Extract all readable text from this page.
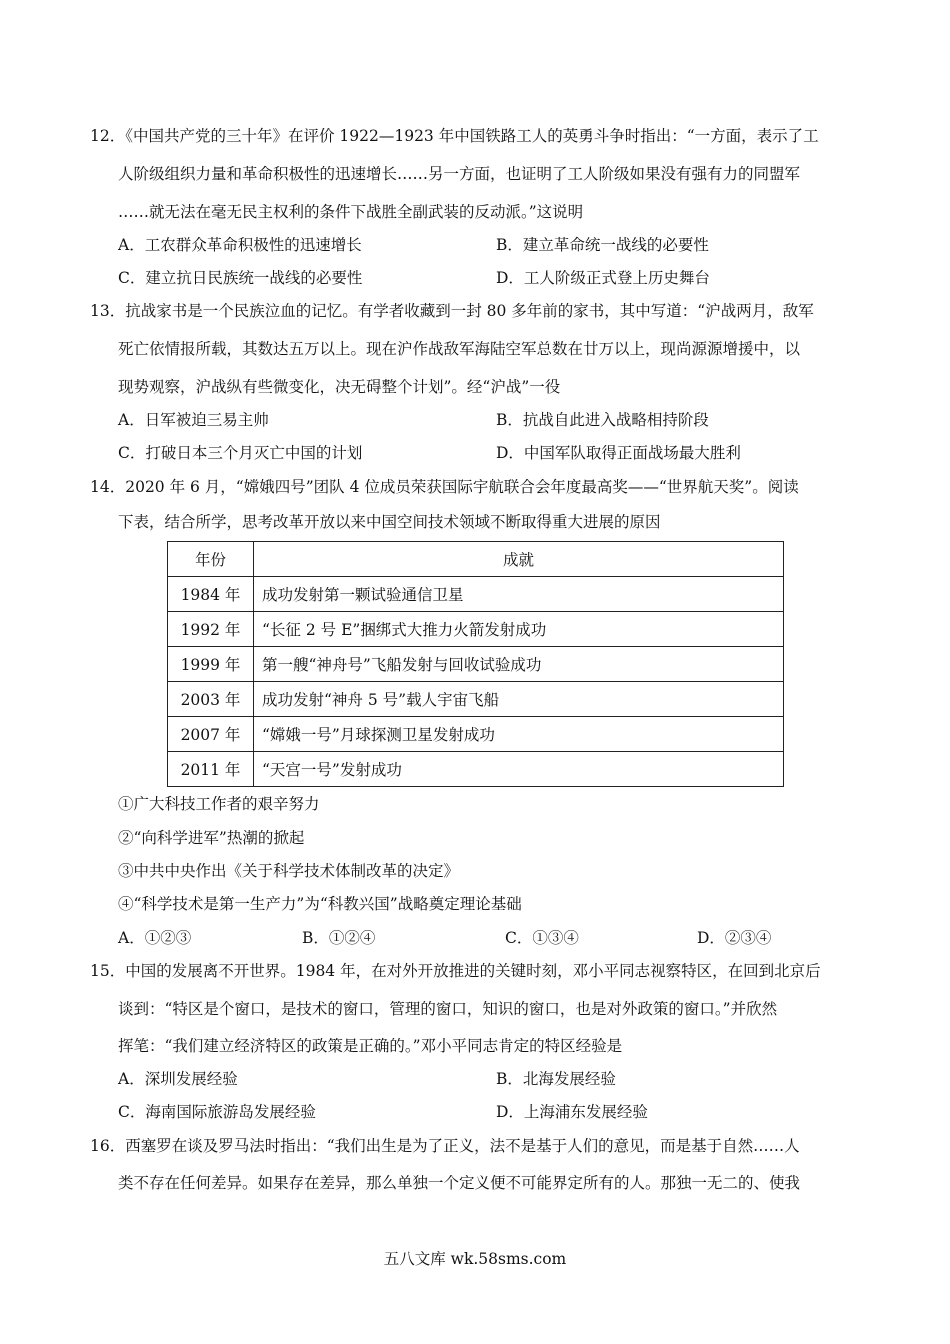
12．《中国共产党的三十年》在评价 1922—1923 年中国铁路工人的英勇斗争时指出：“一方面，表示了工
人阶级组织力量和革命积极性的迅速增长……另一方面，也证明了工人阶级如果没有强有力的同盟军
……就无法在毫无民主权利的条件下战胜全副武装的反动派。”这说明
A．工农群众革命积极性的迅速增长	B．建立革命统一战线的必要性
C．建立抗日民族统一战线的必要性	D．工人阶级正式登上历史舞台
13．抗战家书是一个民族泣血的记忆。有学者收藏到一封 80 多年前的家书，其中写道：“沪战两月，敌军
死亡依情报所载，其数达五万以上。现在沪作战敌军海陆空军总数在廿万以上，现尚源源增援中，以
现势观察，沪战纵有些微变化，决无碍整个计划”。经“沪战”一役
A．日军被迫三易主帅	B．抗战自此进入战略相持阶段
C．打破日本三个月灭亡中国的计划	D．中国军队取得正面战场最大胜利
14．2020 年 6 月，“嫦娥四号”团队 4 位成员荣获国际宇航联合会年度最高奖——“世界航天奖”。阅读
下表，结合所学，思考改革开放以来中国空间技术领域不断取得重大进展的原因
年份	成就
1984 年	成功发射第一颗试验通信卫星
1992 年	“长征 2 号 E”捆绑式大推力火箭发射成功
1999 年	第一艘“神舟号”飞船发射与回收试验成功
2003 年	成功发射“神舟 5 号”载人宇宙飞船
2007 年	“嫦娥一号”月球探测卫星发射成功
2011 年	“天宫一号”发射成功
①广大科技工作者的艰辛努力
②“向科学进军”热潮的掀起
③中共中央作出《关于科学技术体制改革的决定》
④“科学技术是第一生产力”为“科教兴国”战略奠定理论基础
A．①②③	B．①②④	C．①③④	D．②③④
15．中国的发展离不开世界。1984 年，在对外开放推进的关键时刻，邓小平同志视察特区，在回到北京后
谈到：“特区是个窗口，是技术的窗口，管理的窗口，知识的窗口，也是对外政策的窗口。”并欣然
挥笔：“我们建立经济特区的政策是正确的。”邓小平同志肯定的特区经验是
A．深圳发展经验	B．北海发展经验
C．海南国际旅游岛发展经验	D．上海浦东发展经验
16．西塞罗在谈及罗马法时指出：“我们出生是为了正义，法不是基于人们的意见，而是基于自然……人
类不存在任何差异。如果存在差异，那么单独一个定义便不可能界定所有的人。那独一无二的、使我
五八文库 wk.58sms.com
